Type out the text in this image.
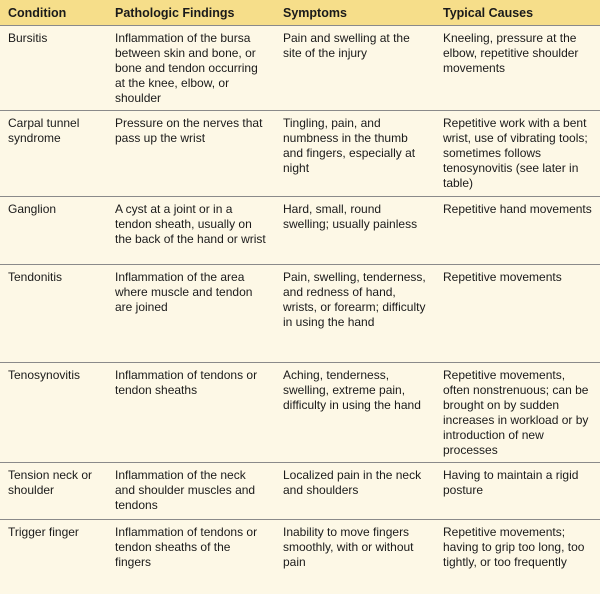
Condition	Pathologic Findings	Symptoms	Typical Causes
Bursitis	Inflammation of the bursa between skin and bone, or bone and tendon occurring at the knee, elbow, or shoulder	Pain and swelling at the site of the injury	Kneeling, pressure at the elbow, repetitive shoulder movements
Carpal tunnel syndrome	Pressure on the nerves that pass up the wrist	Tingling, pain, and numbness in the thumb and fingers, especially at night	Repetitive work with a bent wrist, use of vibrating tools; sometimes follows tenosynovitis (see later in table)
Ganglion	A cyst at a joint or in a tendon sheath, usually on the back of the hand or wrist	Hard, small, round swelling; usually painless	Repetitive hand movements
Tendonitis	Inflammation of the area where muscle and tendon are joined	Pain, swelling, tenderness, and redness of hand, wrists, or forearm; difficulty in using the hand	Repetitive movements
Tenosynovitis	Inflammation of tendons or tendon sheaths	Aching, tenderness, swelling, extreme pain, difficulty in using the hand	Repetitive movements, often nonstrenuous; can be brought on by sudden increases in workload or by introduction of new processes
Tension neck or shoulder	Inflammation of the neck and shoulder muscles and tendons	Localized pain in the neck and shoulders	Having to maintain a rigid posture
Trigger finger	Inflammation of tendons or tendon sheaths of the fingers	Inability to move fingers smoothly, with or without pain	Repetitive movements; having to grip too long, too tightly, or too frequently
